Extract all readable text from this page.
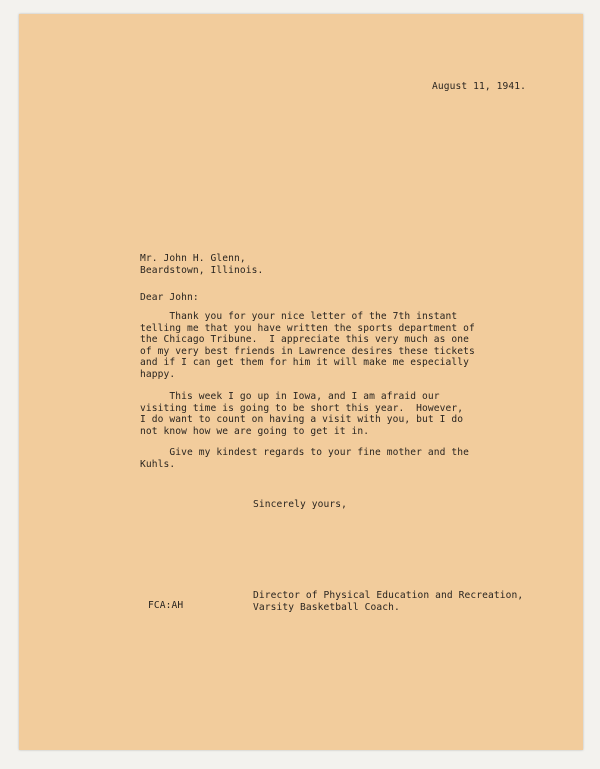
August 11, 1941.

Mr. John H. Glenn,
Beardstown, Illinois.

Dear John:

Thank you for your nice letter of the 7th instant
telling me that you have written the sports department of
the Chicago Tribune.  I appreciate this very much as one
of my very best friends in Lawrence desires these tickets
and if I can get them for him it will make me especially
happy.
This week I go up in Iowa, and I am afraid our
visiting time is going to be short this year.  However,
I do want to count on having a visit with you, but I do
not know how we are going to get it in.
Give my kindest regards to your fine mother and the
Kuhls.

Sincerely yours,

Director of Physical Education and Recreation,
Varsity Basketball Coach.

FCA:AH
